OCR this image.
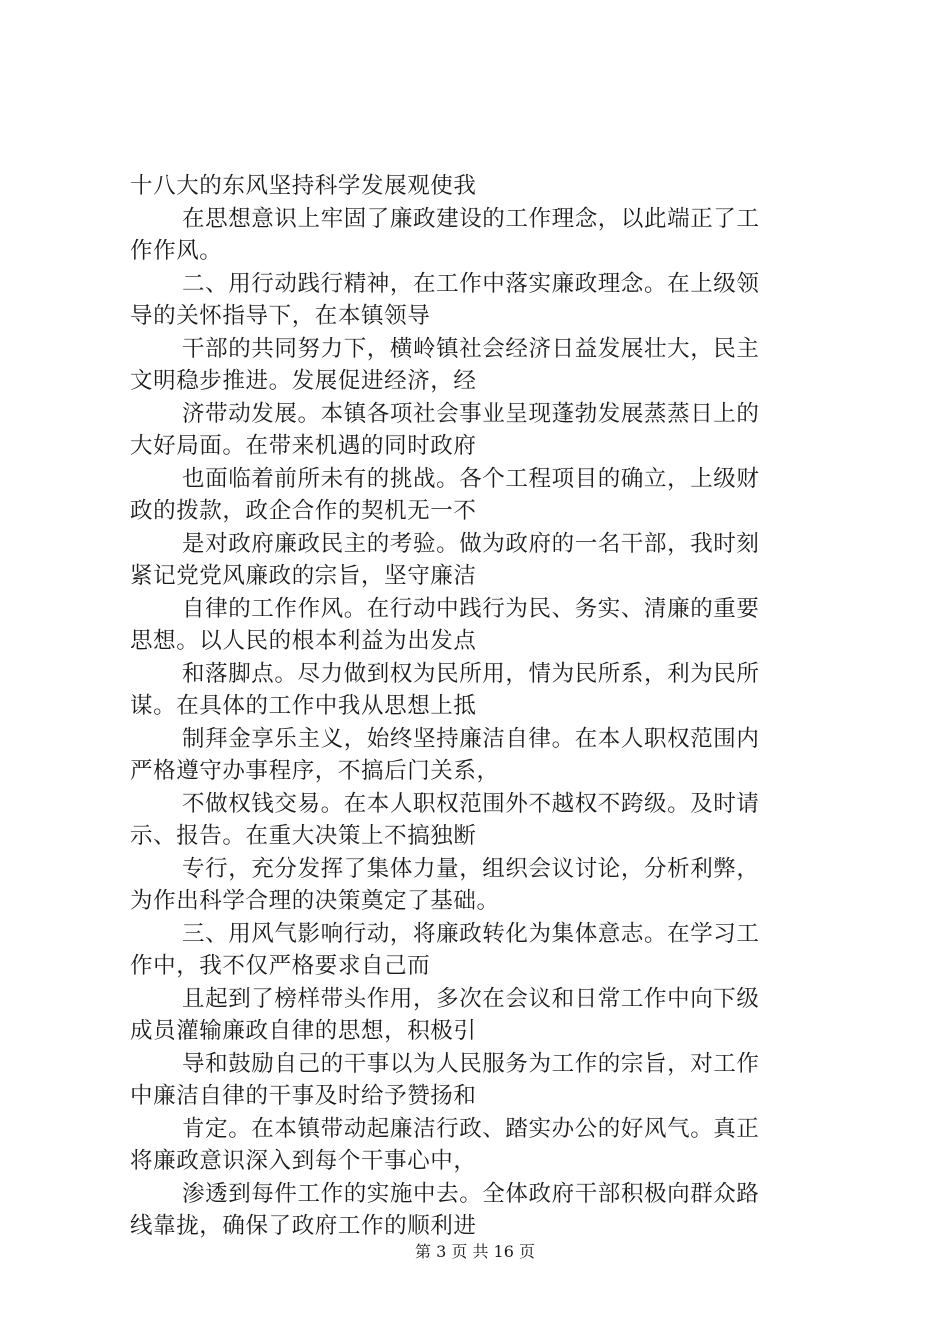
十八大的东风坚持科学发展观使我
在思想意识上牢固了廉政建设的工作理念，以此端正了工
作作风。
二、用行动践行精神，在工作中落实廉政理念。在上级领
导的关怀指导下，在本镇领导
干部的共同努力下，横岭镇社会经济日益发展壮大，民主
文明稳步推进。发展促进经济，经
济带动发展。本镇各项社会事业呈现蓬勃发展蒸蒸日上的
大好局面。在带来机遇的同时政府
也面临着前所未有的挑战。各个工程项目的确立，上级财
政的拨款，政企合作的契机无一不
是对政府廉政民主的考验。做为政府的一名干部，我时刻
紧记党党风廉政的宗旨，坚守廉洁
自律的工作作风。在行动中践行为民、务实、清廉的重要
思想。以人民的根本利益为出发点
和落脚点。尽力做到权为民所用，情为民所系，利为民所
谋。在具体的工作中我从思想上抵
制拜金享乐主义，始终坚持廉洁自律。在本人职权范围内
严格遵守办事程序，不搞后门关系，
不做权钱交易。在本人职权范围外不越权不跨级。及时请
示、报告。在重大决策上不搞独断
专行，充分发挥了集体力量，组织会议讨论，分析利弊，
为作出科学合理的决策奠定了基础。
三、用风气影响行动，将廉政转化为集体意志。在学习工
作中，我不仅严格要求自己而
且起到了榜样带头作用，多次在会议和日常工作中向下级
成员灌输廉政自律的思想，积极引
导和鼓励自己的干事以为人民服务为工作的宗旨，对工作
中廉洁自律的干事及时给予赞扬和
肯定。在本镇带动起廉洁行政、踏实办公的好风气。真正
将廉政意识深入到每个干事心中，
渗透到每件工作的实施中去。全体政府干部积极向群众路
线靠拢，确保了政府工作的顺利进
第 3 页 共 16 页
